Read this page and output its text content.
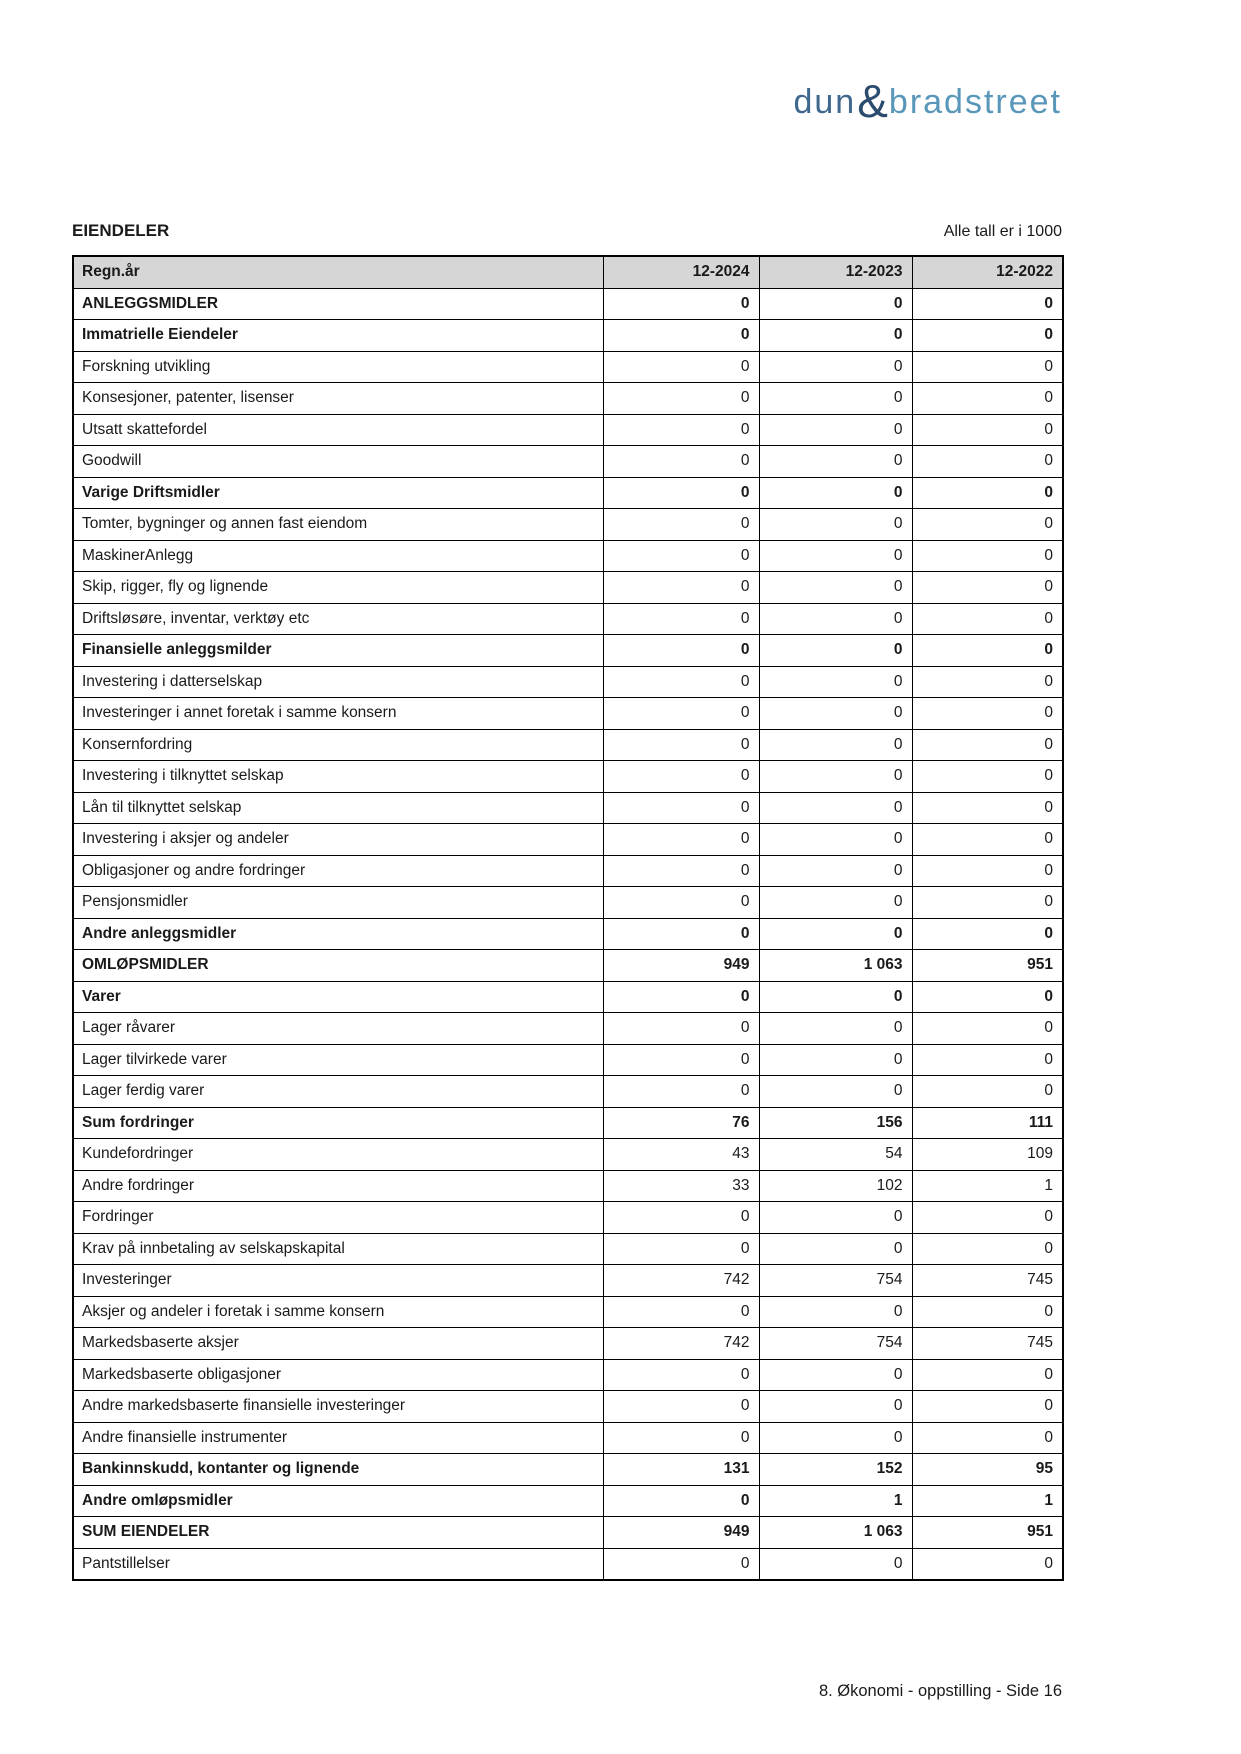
dun & bradstreet
EIENDELER	Alle tall er i 1000
Regn.år	12-2024	12-2023	12-2022
ANLEGGSMIDLER	0	0	0
Immatrielle Eiendeler	0	0	0
Forskning utvikling	0	0	0
Konsesjoner, patenter, lisenser	0	0	0
Utsatt skattefordel	0	0	0
Goodwill	0	0	0
Varige Driftsmidler	0	0	0
Tomter, bygninger og annen fast eiendom	0	0	0
MaskinerAnlegg	0	0	0
Skip, rigger, fly og lignende	0	0	0
Driftsløsøre, inventar, verktøy etc	0	0	0
Finansielle anleggsmilder	0	0	0
Investering i datterselskap	0	0	0
Investeringer i annet foretak i samme konsern	0	0	0
Konsernfordring	0	0	0
Investering i tilknyttet selskap	0	0	0
Lån til tilknyttet selskap	0	0	0
Investering i aksjer og andeler	0	0	0
Obligasjoner og andre fordringer	0	0	0
Pensjonsmidler	0	0	0
Andre anleggsmidler	0	0	0
OMLØPSMIDLER	949	1 063	951
Varer	0	0	0
Lager råvarer	0	0	0
Lager tilvirkede varer	0	0	0
Lager ferdig varer	0	0	0
Sum fordringer	76	156	111
Kundefordringer	43	54	109
Andre fordringer	33	102	1
Fordringer	0	0	0
Krav på innbetaling av selskapskapital	0	0	0
Investeringer	742	754	745
Aksjer og andeler i foretak i samme konsern	0	0	0
Markedsbaserte aksjer	742	754	745
Markedsbaserte obligasjoner	0	0	0
Andre markedsbaserte finansielle investeringer	0	0	0
Andre finansielle instrumenter	0	0	0
Bankinnskudd, kontanter og lignende	131	152	95
Andre omløpsmidler	0	1	1
SUM EIENDELER	949	1 063	951
Pantstillelser	0	0	0
8. Økonomi - oppstilling - Side 16
